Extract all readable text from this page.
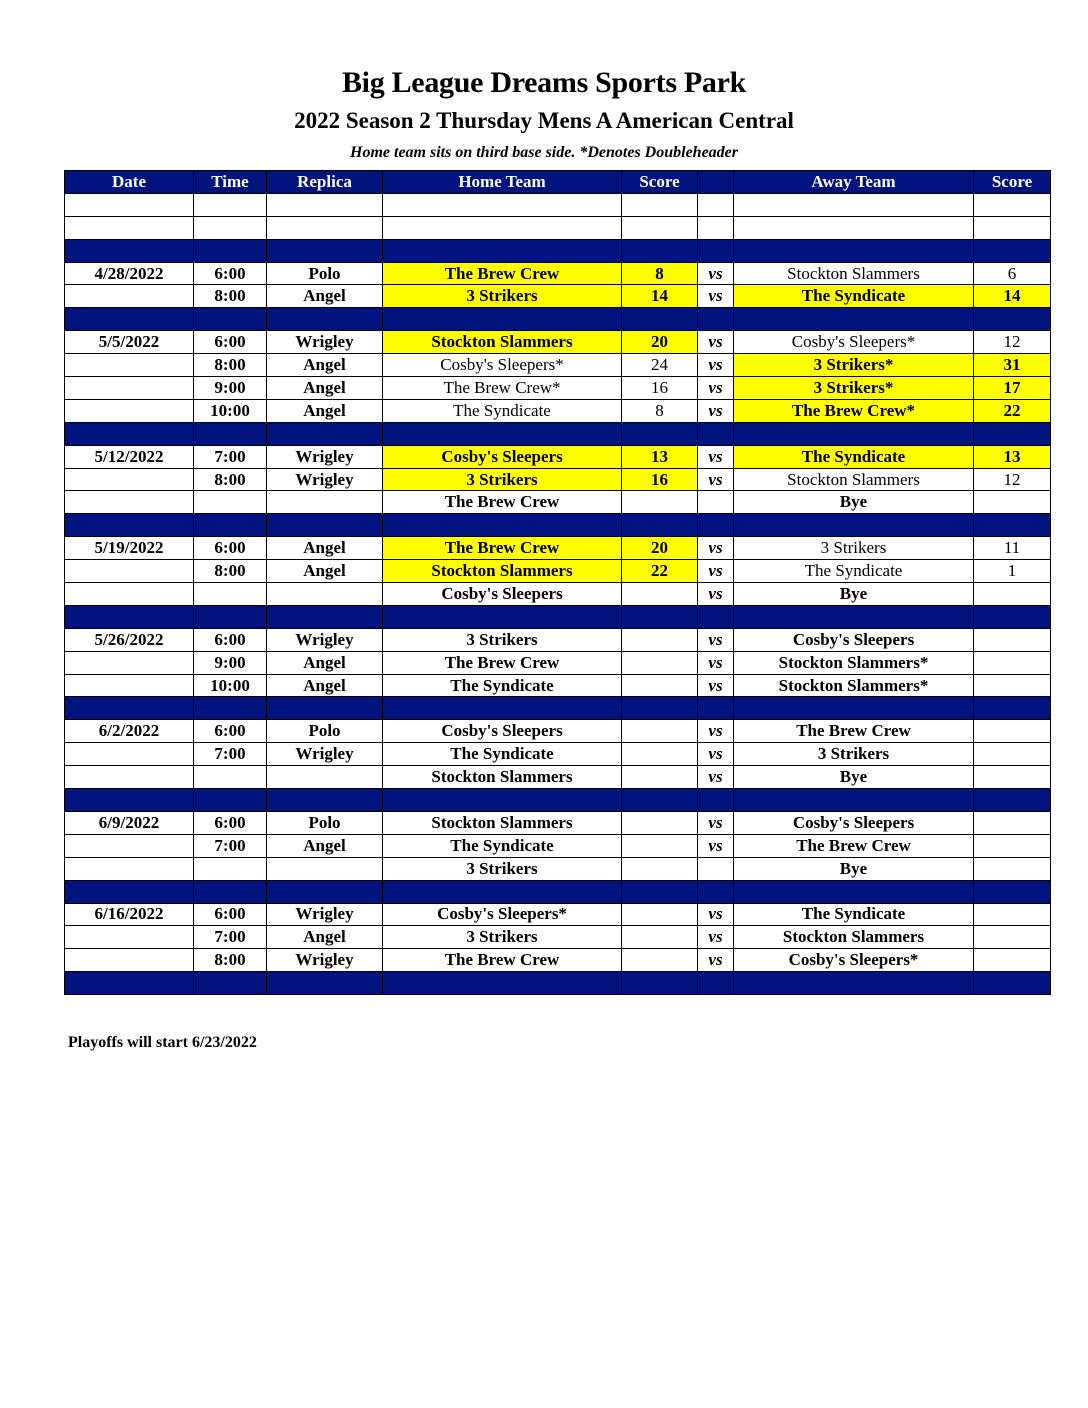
Big League Dreams Sports Park
2022 Season 2 Thursday Mens A American Central
Home team sits on third base side. *Denotes Doubleheader
Date	Time	Replica	Home Team	Score		Away Team	Score

4/28/2022	6:00	Polo	The Brew Crew	8	vs	Stockton Slammers	6
	8:00	Angel	3 Strikers	14	vs	The Syndicate	14

5/5/2022	6:00	Wrigley	Stockton Slammers	20	vs	Cosby's Sleepers*	12
	8:00	Angel	Cosby's Sleepers*	24	vs	3 Strikers*	31
	9:00	Angel	The Brew Crew*	16	vs	3 Strikers*	17
	10:00	Angel	The Syndicate	8	vs	The Brew Crew*	22

5/12/2022	7:00	Wrigley	Cosby's Sleepers	13	vs	The Syndicate	13
	8:00	Wrigley	3 Strikers	16	vs	Stockton Slammers	12
			The Brew Crew			Bye	

5/19/2022	6:00	Angel	The Brew Crew	20	vs	3 Strikers	11
	8:00	Angel	Stockton Slammers	22	vs	The Syndicate	1
			Cosby's Sleepers		vs	Bye	

5/26/2022	6:00	Wrigley	3 Strikers		vs	Cosby's Sleepers	
	9:00	Angel	The Brew Crew		vs	Stockton Slammers*	
	10:00	Angel	The Syndicate		vs	Stockton Slammers*	

6/2/2022	6:00	Polo	Cosby's Sleepers		vs	The Brew Crew	
	7:00	Wrigley	The Syndicate		vs	3 Strikers	
			Stockton Slammers		vs	Bye	

6/9/2022	6:00	Polo	Stockton Slammers		vs	Cosby's Sleepers	
	7:00	Angel	The Syndicate		vs	The Brew Crew	
			3 Strikers			Bye	

6/16/2022	6:00	Wrigley	Cosby's Sleepers*		vs	The Syndicate	
	7:00	Angel	3 Strikers		vs	Stockton Slammers	
	8:00	Wrigley	The Brew Crew		vs	Cosby's Sleepers*	

Playoffs will start 6/23/2022
